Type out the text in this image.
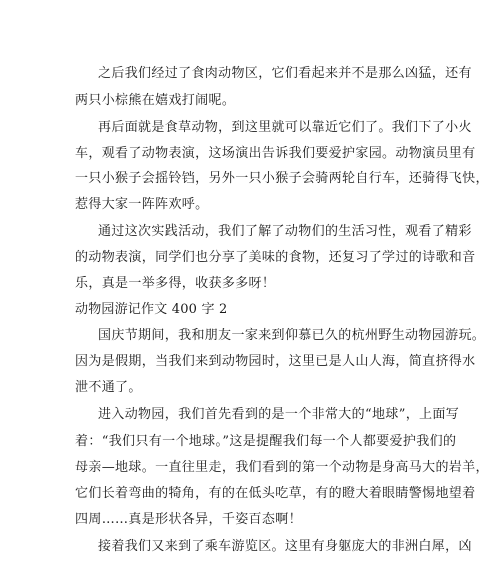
之后我们经过了食肉动物区，它们看起来并不是那么凶猛，还有
两只小棕熊在嬉戏打闹呢。
再后面就是食草动物，到这里就可以靠近它们了。我们下了小火
车，观看了动物表演，这场演出告诉我们要爱护家园。动物演员里有
一只小猴子会摇铃铛，另外一只小猴子会骑两轮自行车，还骑得飞快，
惹得大家一阵阵欢呼。
通过这次实践活动，我们了解了动物们的生活习性，观看了精彩
的动物表演，同学们也分享了美味的食物，还复习了学过的诗歌和音
乐，真是一举多得，收获多多呀！
动物园游记作文 400 字 2
国庆节期间，我和朋友一家来到仰慕已久的杭州野生动物园游玩。
因为是假期，当我们来到动物园时，这里已是人山人海，简直挤得水
泄不通了。
进入动物园，我们首先看到的是一个非常大的“地球”，上面写
着：“我们只有一个地球。”这是提醒我们每一个人都要爱护我们的
母亲—地球。一直往里走，我们看到的第一个动物是身高马大的岩羊，
它们长着弯曲的犄角，有的在低头吃草，有的瞪大着眼睛警惕地望着
四周……真是形状各异，千姿百态啊！
接着我们又来到了乘车游览区。这里有身躯庞大的非洲白犀，凶
